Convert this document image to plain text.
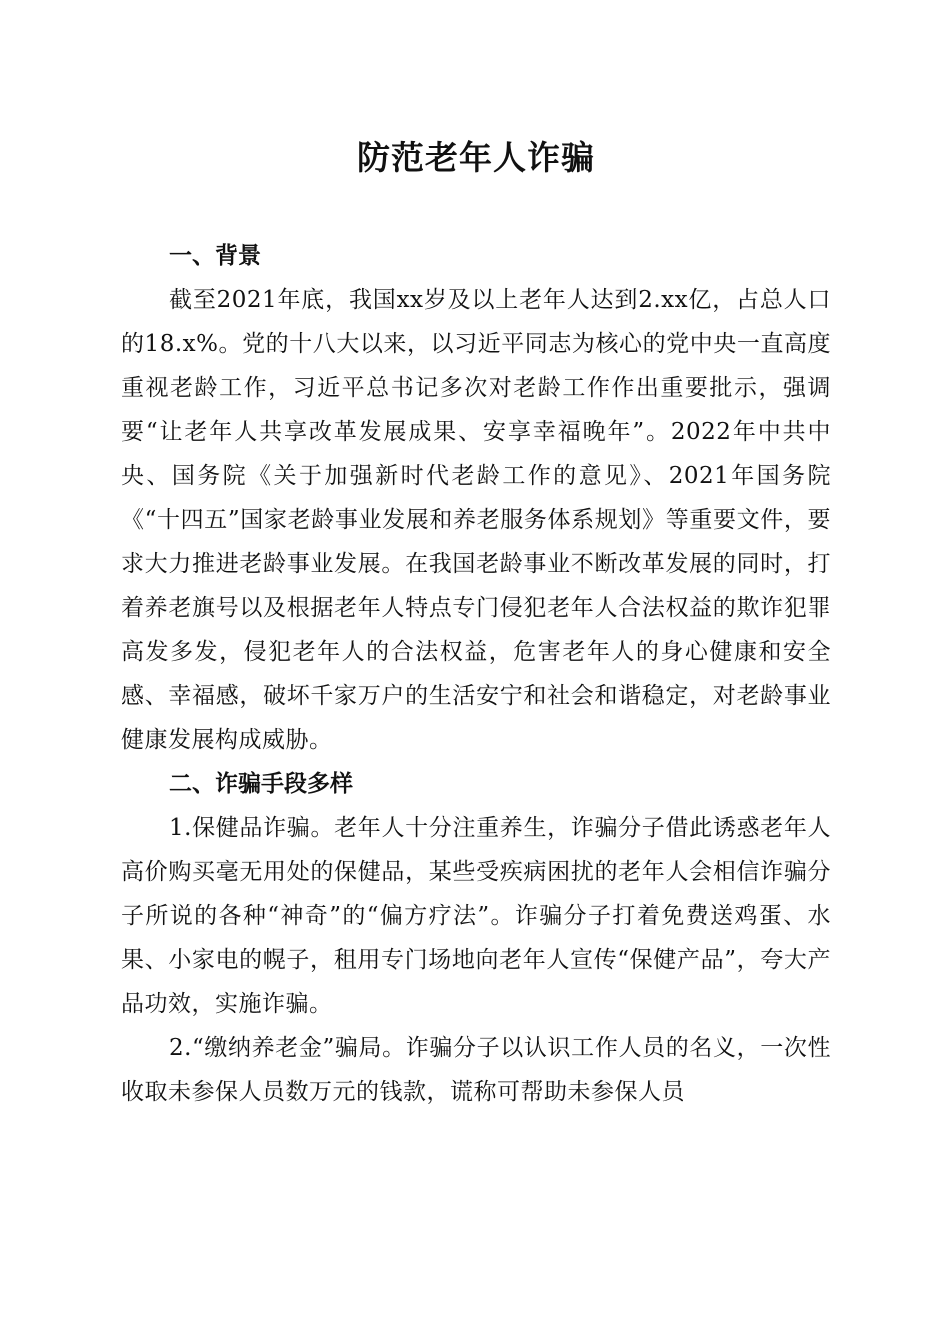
防范老年人诈骗
一、背景

截至2021年底，我国xx岁及以上老年人达到2.xx亿，占总人口的18.x%。党的十八大以来，以习近平同志为核心的党中央一直高度重视老龄工作，习近平总书记多次对老龄工作作出重要批示，强调要“让老年人共享改革发展成果、安享幸福晚年”。2022年中共中央、国务院《关于加强新时代老龄工作的意见》、2021年国务院《“十四五”国家老龄事业发展和养老服务体系规划》等重要文件，要求大力推进老龄事业发展。在我国老龄事业不断改革发展的同时，打着养老旗号以及根据老年人特点专门侵犯老年人合法权益的欺诈犯罪高发多发，侵犯老年人的合法权益，危害老年人的身心健康和安全感、幸福感，破坏千家万户的生活安宁和社会和谐稳定，对老龄事业健康发展构成威胁。

二、诈骗手段多样

1.保健品诈骗。老年人十分注重养生，诈骗分子借此诱惑老年人高价购买毫无用处的保健品，某些受疾病困扰的老年人会相信诈骗分子所说的各种“神奇”的“偏方疗法”。诈骗分子打着免费送鸡蛋、水果、小家电的幌子，租用专门场地向老年人宣传“保健产品”，夸大产品功效，实施诈骗。

2.“缴纳养老金”骗局。诈骗分子以认识工作人员的名义，一次性收取未参保人员数万元的钱款，谎称可帮助未参保人员
